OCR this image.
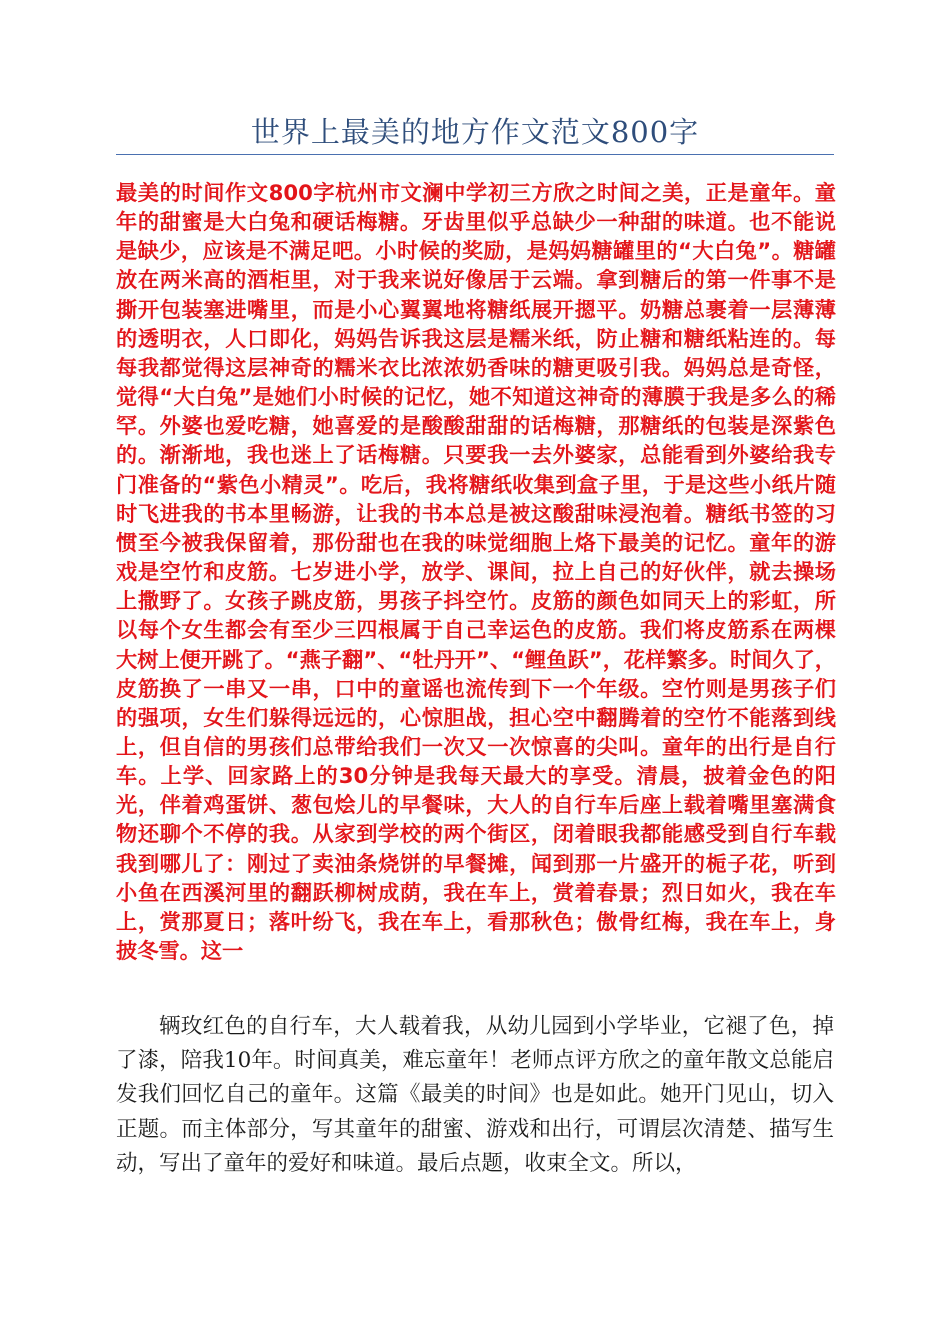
世界上最美的地方作文范文800字

最美的时间作文800字杭州市文澜中学初三方欣之时间之美，正是童年。童年的甜蜜是大白兔和硬话梅糖。牙齿里似乎总缺少一种甜的味道。也不能说是缺少，应该是不满足吧。小时候的奖励，是妈妈糖罐里的“大白兔”。糖罐放在两米高的酒柜里，对于我来说好像居于云端。拿到糖后的第一件事不是撕开包装塞进嘴里，而是小心翼翼地将糖纸展开摁平。奶糖总裹着一层薄薄的透明衣，人口即化，妈妈告诉我这层是糯米纸，防止糖和糖纸粘连的。每每我都觉得这层神奇的糯米衣比浓浓奶香味的糖更吸引我。妈妈总是奇怪，觉得“大白兔”是她们小时候的记忆，她不知道这神奇的薄膜于我是多么的稀罕。外婆也爱吃糖，她喜爱的是酸酸甜甜的话梅糖，那糖纸的包装是深紫色的。渐渐地，我也迷上了话梅糖。只要我一去外婆家，总能看到外婆给我专门准备的“紫色小精灵”。吃后，我将糖纸收集到盒子里，于是这些小纸片随时飞进我的书本里畅游，让我的书本总是被这酸甜味浸泡着。糖纸书签的习惯至今被我保留着，那份甜也在我的味觉细胞上烙下最美的记忆。童年的游戏是空竹和皮筋。七岁进小学，放学、课间，拉上自己的好伙伴，就去操场上撒野了。女孩子跳皮筋，男孩子抖空竹。皮筋的颜色如同天上的彩虹，所以每个女生都会有至少三四根属于自己幸运色的皮筋。我们将皮筋系在两棵大树上便开跳了。“燕子翻”、“牡丹开”、“鲤鱼跃”，花样繁多。时间久了，皮筋换了一串又一串，口中的童谣也流传到下一个年级。空竹则是男孩子们的强项，女生们躲得远远的，心惊胆战，担心空中翻腾着的空竹不能落到线上，但自信的男孩们总带给我们一次又一次惊喜的尖叫。童年的出行是自行车。上学、回家路上的30分钟是我每天最大的享受。清晨，披着金色的阳光，伴着鸡蛋饼、葱包烩儿的早餐味，大人的自行车后座上载着嘴里塞满食物还聊个不停的我。从家到学校的两个街区，闭着眼我都能感受到自行车载我到哪儿了：刚过了卖油条烧饼的早餐摊，闻到那一片盛开的栀子花，听到小鱼在西溪河里的翻跃柳树成荫，我在车上，赏着春景；烈日如火，我在车上，赏那夏日；落叶纷飞，我在车上，看那秋色；傲骨红梅，我在车上，身披冬雪。这一

辆玫红色的自行车，大人载着我，从幼儿园到小学毕业，它褪了色，掉了漆，陪我10年。时间真美，难忘童年！老师点评方欣之的童年散文总能启发我们回忆自己的童年。这篇《最美的时间》也是如此。她开门见山，切入正题。而主体部分，写其童年的甜蜜、游戏和出行，可谓层次清楚、描写生动，写出了童年的爱好和味道。最后点题，收束全文。所以，
